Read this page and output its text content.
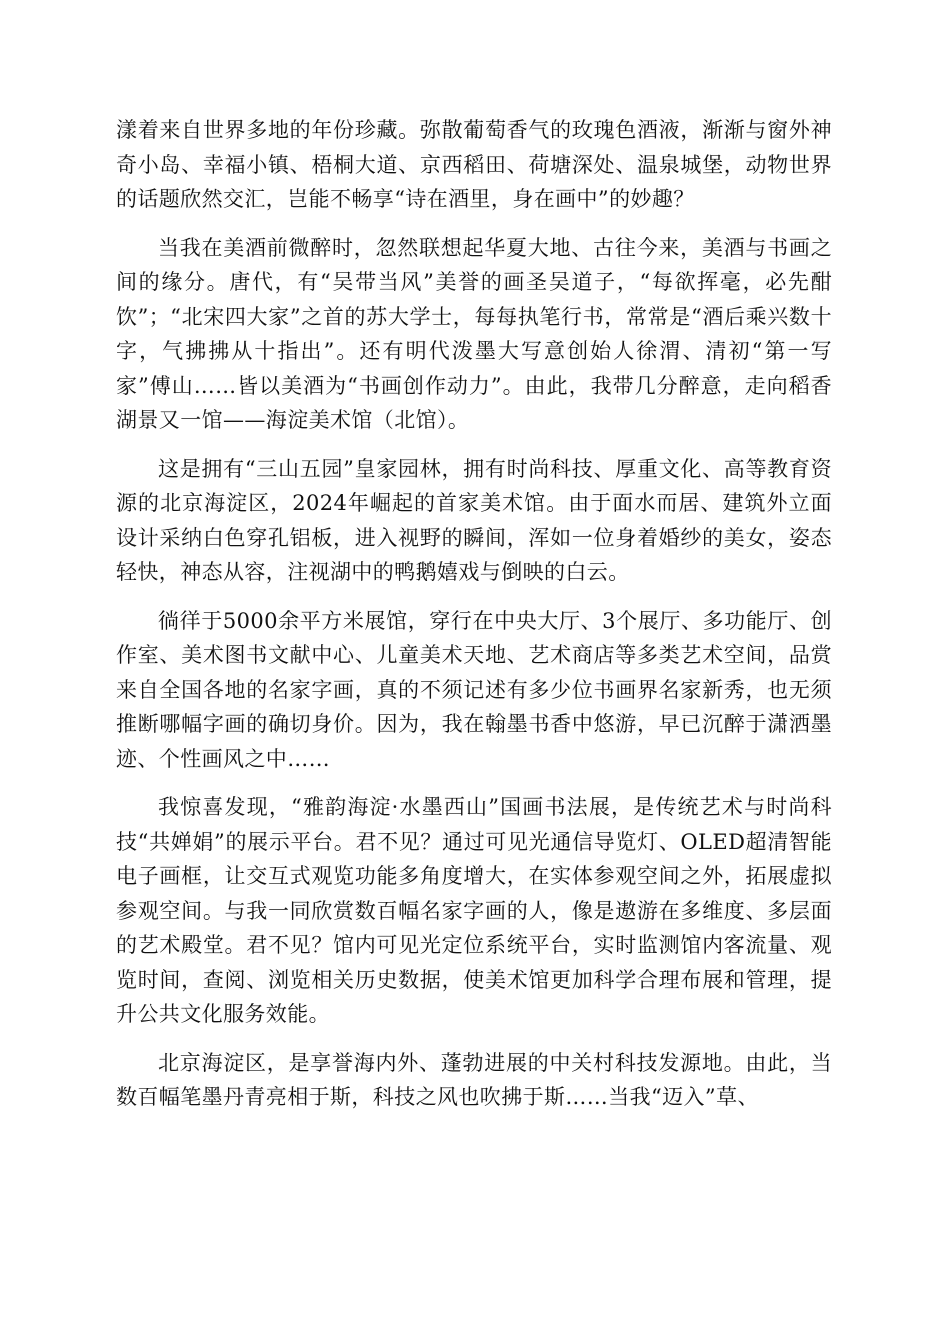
漾着来自世界多地的年份珍藏。弥散葡萄香气的玫瑰色酒液，渐渐与窗外神奇小岛、幸福小镇、梧桐大道、京西稻田、荷塘深处、温泉城堡，动物世界的话题欣然交汇，岂能不畅享“诗在酒里，身在画中”的妙趣？

当我在美酒前微醉时，忽然联想起华夏大地、古往今来，美酒与书画之间的缘分。唐代，有“吴带当风”美誉的画圣吴道子，“每欲挥毫，必先酣饮”；“北宋四大家”之首的苏大学士，每每执笔行书，常常是“酒后乘兴数十字，气拂拂从十指出”。还有明代泼墨大写意创始人徐渭、清初“第一写家”傅山……皆以美酒为“书画创作动力”。由此，我带几分醉意，走向稻香湖景又一馆——海淀美术馆（北馆）。

这是拥有“三山五园”皇家园林，拥有时尚科技、厚重文化、高等教育资源的北京海淀区，2024年崛起的首家美术馆。由于面水而居、建筑外立面设计采纳白色穿孔铝板，进入视野的瞬间，浑如一位身着婚纱的美女，姿态轻快，神态从容，注视湖中的鸭鹅嬉戏与倒映的白云。

徜徉于5000余平方米展馆，穿行在中央大厅、3个展厅、多功能厅、创作室、美术图书文献中心、儿童美术天地、艺术商店等多类艺术空间，品赏来自全国各地的名家字画，真的不须记述有多少位书画界名家新秀，也无须推断哪幅字画的确切身价。因为，我在翰墨书香中悠游，早已沉醉于潇洒墨迹、个性画风之中……

我惊喜发现，“雅韵海淀·水墨西山”国画书法展，是传统艺术与时尚科技“共婵娟”的展示平台。君不见？通过可见光通信导览灯、OLED超清智能电子画框，让交互式观览功能多角度增大，在实体参观空间之外，拓展虚拟参观空间。与我一同欣赏数百幅名家字画的人，像是遨游在多维度、多层面的艺术殿堂。君不见？馆内可见光定位系统平台，实时监测馆内客流量、观览时间，查阅、浏览相关历史数据，使美术馆更加科学合理布展和管理，提升公共文化服务效能。

北京海淀区，是享誉海内外、蓬勃进展的中关村科技发源地。由此，当数百幅笔墨丹青亮相于斯，科技之风也吹拂于斯……当我“迈入”草、
